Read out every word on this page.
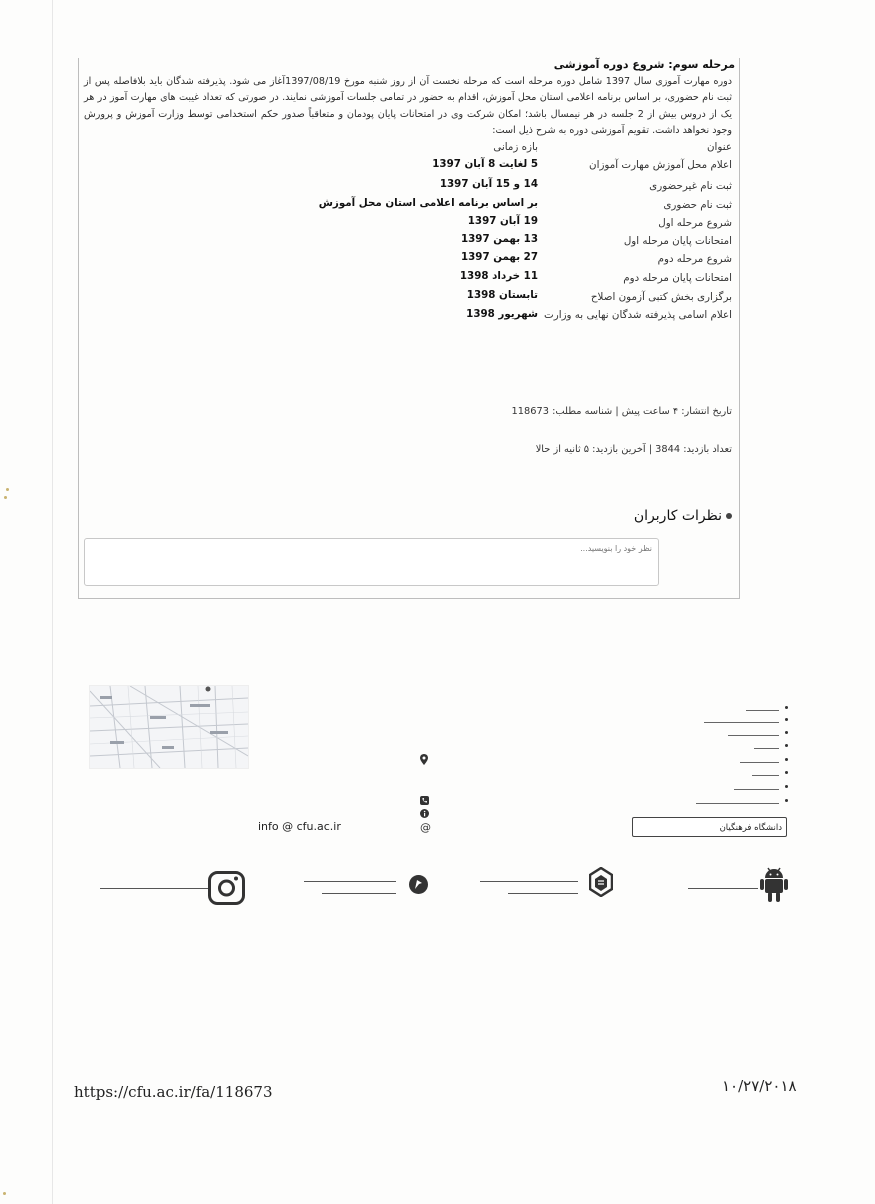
مرحله سوم: شروع دوره آموزشی
دوره مهارت آموزی سال 1397 شامل دوره مرحله است که مرحله نخست آن از روز شنبه مورخ 1397/08/19آغاز می شود. پذیرفته شدگان باید بلافاصله پس از ثبت نام حضوری، بر اساس برنامه اعلامی استان محل آموزش، اقدام به حضور در تمامی جلسات آموزشی نمایند. در صورتی که تعداد غیبت های مهارت آموز در هر یک از دروس بیش از 2 جلسه در هر نیمسال باشد؛ امکان شرکت وی در امتحانات پایان پودمان و متعاقباً صدور حکم استخدامی توسط وزارت آموزش و پرورش وجود نخواهد داشت. تقویم آموزشی دوره به شرح ذیل است:
عنوان
بازه زمانی
اعلام محل آموزش مهارت آموزان
5 لغایت 8 آبان 1397
ثبت نام غیرحضوری
14 و 15 آبان 1397
ثبت نام حضوری
بر اساس برنامه اعلامی استان محل آموزش
شروع مرحله اول
19 آبان 1397
امتحانات پایان مرحله اول
13 بهمن 1397
شروع مرحله دوم
27 بهمن 1397
امتحانات پایان مرحله دوم
11 خرداد 1398
برگزاری بخش کتبی آزمون اصلاح
تابستان 1398
اعلام اسامی پذیرفته شدگان نهایی به وزارت
شهریور 1398
تاریخ انتشار: ۴ ساعت پیش | شناسه مطلب: 118673
تعداد بازدید: 3844 | آخرین بازدید: ۵ ثانیه از حالا
نظرات کاربران
نظر خود را بنویسید...
@
info @ cfu.ac.ir	دانشگاه فرهنگیان
https://cfu.ac.ir/fa/118673	۱۰/۲۷/۲۰۱۸
